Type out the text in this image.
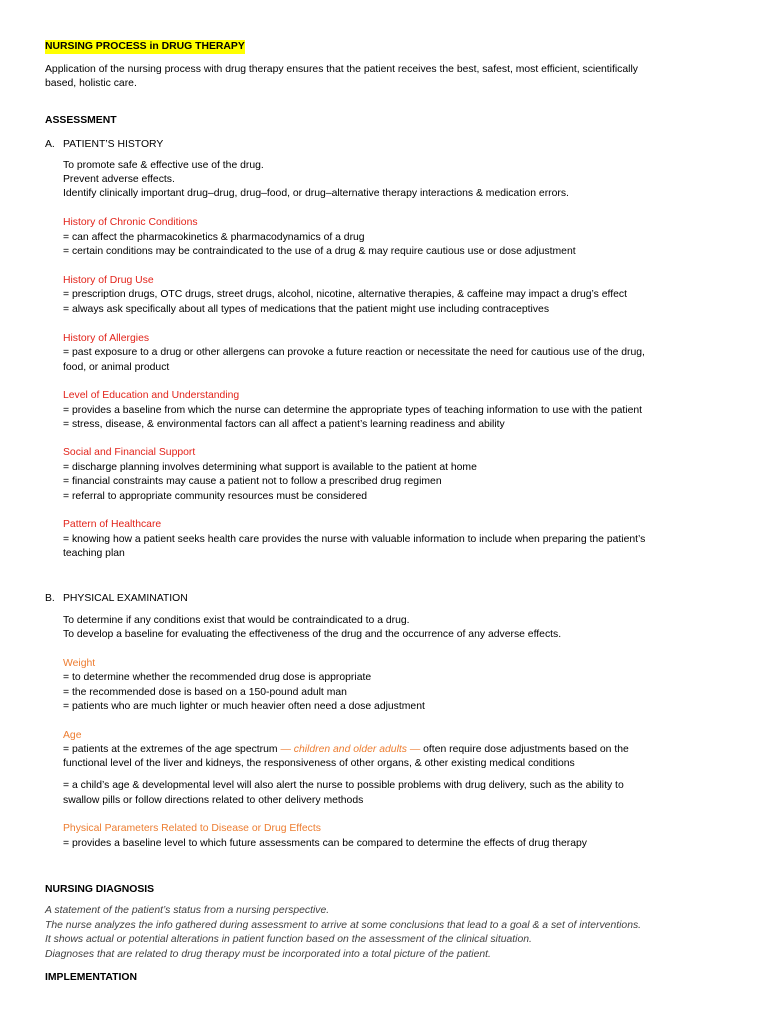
NURSING PROCESS in DRUG THERAPY
Application of the nursing process with drug therapy ensures that the patient receives the best, safest, most efficient, scientifically
based, holistic care.
ASSESSMENT
A. PATIENT’S HISTORY
To promote safe & effective use of the drug.
Prevent adverse effects.
Identify clinically important drug–drug, drug–food, or drug–alternative therapy interactions & medication errors.
History of Chronic Conditions
= can affect the pharmacokinetics & pharmacodynamics of a drug
= certain conditions may be contraindicated to the use of a drug & may require cautious use or dose adjustment
History of Drug Use
= prescription drugs, OTC drugs, street drugs, alcohol, nicotine, alternative therapies, & caffeine may impact a drug’s effect
= always ask specifically about all types of medications that the patient might use including contraceptives
History of Allergies
= past exposure to a drug or other allergens can provoke a future reaction or necessitate the need for cautious use of the drug,
food, or animal product
Level of Education and Understanding
= provides a baseline from which the nurse can determine the appropriate types of teaching information to use with the patient
= stress, disease, & environmental factors can all affect a patient’s learning readiness and ability
Social and Financial Support
= discharge planning involves determining what support is available to the patient at home
= financial constraints may cause a patient not to follow a prescribed drug regimen
= referral to appropriate community resources must be considered
Pattern of Healthcare
= knowing how a patient seeks health care provides the nurse with valuable information to include when preparing the patient’s
teaching plan
B. PHYSICAL EXAMINATION
To determine if any conditions exist that would be contraindicated to a drug.
To develop a baseline for evaluating the effectiveness of the drug and the occurrence of any adverse effects.
Weight
= to determine whether the recommended drug dose is appropriate
= the recommended dose is based on a 150-pound adult man
= patients who are much lighter or much heavier often need a dose adjustment
Age
= patients at the extremes of the age spectrum — children and older adults — often require dose adjustments based on the
functional level of the liver and kidneys, the responsiveness of other organs, & other existing medical conditions
= a child’s age & developmental level will also alert the nurse to possible problems with drug delivery, such as the ability to
swallow pills or follow directions related to other delivery methods
Physical Parameters Related to Disease or Drug Effects
= provides a baseline level to which future assessments can be compared to determine the effects of drug therapy
NURSING DIAGNOSIS
A statement of the patient’s status from a nursing perspective.
The nurse analyzes the info gathered during assessment to arrive at some conclusions that lead to a goal & a set of interventions.
It shows actual or potential alterations in patient function based on the assessment of the clinical situation.
Diagnoses that are related to drug therapy must be incorporated into a total picture of the patient.
IMPLEMENTATION
